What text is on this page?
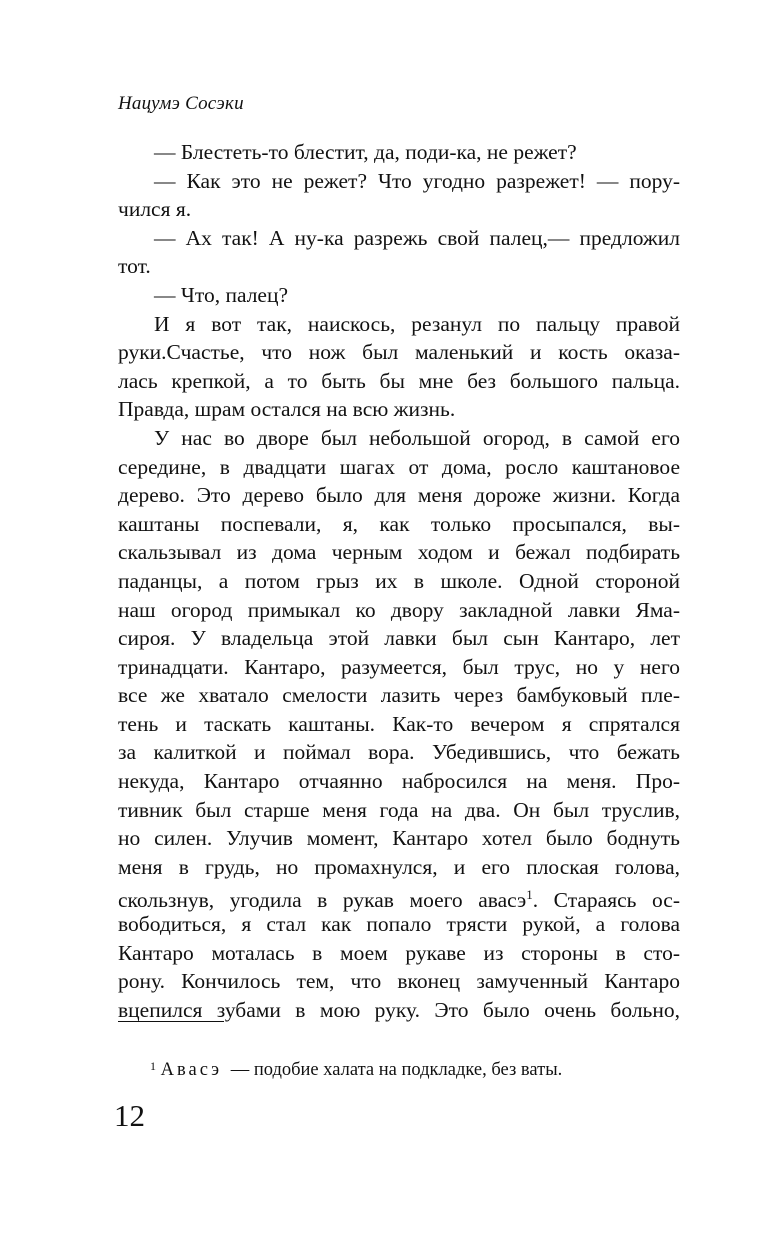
Нацумэ Сосэки
— Блестеть-то блестит, да, поди-ка, не режет?
— Как это не режет? Что угодно разрежет! — пору-
чился я.
— Ах так! А ну-ка разрежь свой палец,— предложил
тот.
— Что, палец?
И я вот так, наискось, резанул по пальцу правой
руки.Счастье, что нож был маленький и кость оказа-
лась крепкой, а то быть бы мне без большого пальца.
Правда, шрам остался на всю жизнь.
У нас во дворе был небольшой огород, в самой его
середине, в двадцати шагах от дома, росло каштановое
дерево. Это дерево было для меня дороже жизни. Когда
каштаны поспевали, я, как только просыпался, вы-
скальзывал из дома черным ходом и бежал подбирать
паданцы, а потом грыз их в школе. Одной стороной
наш огород примыкал ко двору закладной лавки Яма-
сироя. У владельца этой лавки был сын Кантаро, лет
тринадцати. Кантаро, разумеется, был трус, но у него
все же хватало смелости лазить через бамбуковый пле-
тень и таскать каштаны. Как-то вечером я спрятался
за калиткой и поймал вора. Убедившись, что бежать
некуда, Кантаро отчаянно набросился на меня. Про-
тивник был старше меня года на два. Он был труслив,
но силен. Улучив момент, Кантаро хотел было боднуть
меня в грудь, но промахнулся, и его плоская голова,
скользнув, угодила в рукав моего авасэ$^1$. Стараясь ос-
вободиться, я стал как попало трясти рукой, а голова
Кантаро моталась в моем рукаве из стороны в сто-
рону. Кончилось тем, что вконец замученный Кантаро
вцепился зубами в мою руку. Это было очень больно,
$^1$ Авасэ — подобие халата на подкладке, без ваты.
12
